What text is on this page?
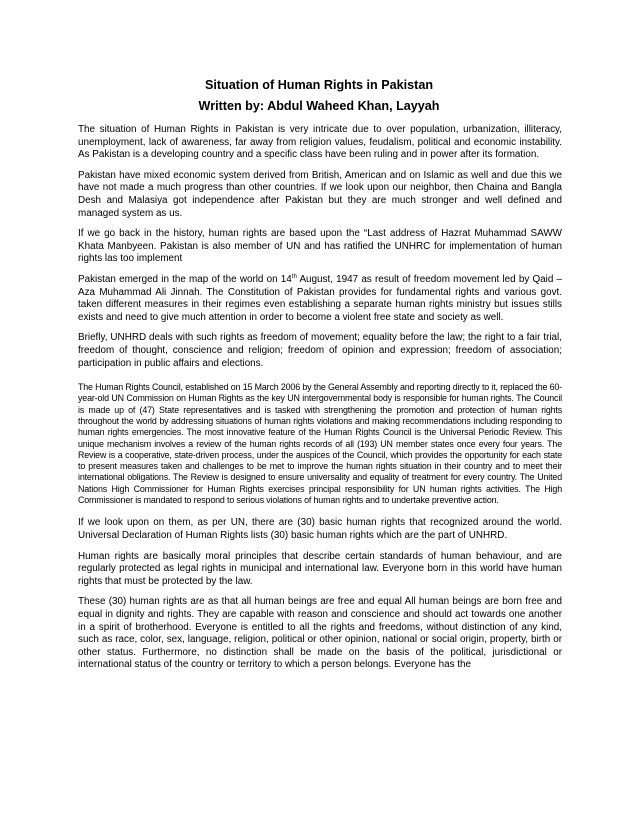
Situation of Human Rights in Pakistan
Written by: Abdul Waheed Khan, Layyah

The situation of Human Rights in Pakistan is very intricate due to over population, urbanization, illiteracy, unemployment, lack of awareness, far away from religion values, feudalism, political and economic instability. As Pakistan is a developing country and a specific class have been ruling and in power after its formation.

Pakistan have mixed economic system derived from British, American and on Islamic as well and due this we have not made a much progress than other countries. If we look upon our neighbor, then Chaina and Bangla Desh and Malasiya got independence after Pakistan but they are much stronger and well defined and managed system as us.

If we go back in the history, human rights are based upon the “Last address of Hazrat Muhammad SAWW Khata Manbyeen. Pakistan is also member of UN and has ratified the UNHRC for implementation of human rights las too implement

Pakistan emerged in the map of the world on 14th August, 1947 as result of freedom movement led by Qaid – Aza Muhammad Ali Jinnah. The Constitution of Pakistan provides for fundamental rights and various govt. taken different measures in their regimes even establishing a separate human rights ministry but issues stills exists and need to give much attention in order to become a violent free state and society as well.

Briefly, UNHRD deals with such rights as freedom of movement; equality before the law; the right to a fair trial, freedom of thought, conscience and religion; freedom of opinion and expression; freedom of association; participation in public affairs and elections.

The Human Rights Council, established on 15 March 2006 by the General Assembly and reporting directly to it, replaced the 60-year-old UN Commission on Human Rights as the key UN intergovernmental body is responsible for human rights. The Council is made up of (47) State representatives and is tasked with strengthening the promotion and protection of human rights throughout the world by addressing situations of human rights violations and making recommendations including responding to human rights emergencies. The most innovative feature of the Human Rights Council is the Universal Periodic Review. This unique mechanism involves a review of the human rights records of all (193) UN member states once every four years. The Review is a cooperative, state-driven process, under the auspices of the Council, which provides the opportunity for each state to present measures taken and challenges to be met to improve the human rights situation in their country and to meet their international obligations. The Review is designed to ensure universality and equality of treatment for every country. The United Nations High Commissioner for Human Rights exercises principal responsibility for UN human rights activities. The High Commissioner is mandated to respond to serious violations of human rights and to undertake preventive action.

If we look upon on them, as per UN, there are (30) basic human rights that recognized around the world. Universal Declaration of Human Rights lists (30) basic human rights which are the part of UNHRD.

Human rights are basically moral principles that describe certain standards of human behaviour, and are regularly protected as legal rights in municipal and international law. Everyone born in this world have human rights that must be protected by the law.

These (30) human rights are as that all human beings are free and equal All human beings are born free and equal in dignity and rights. They are capable with reason and conscience and should act towards one another in a spirit of brotherhood. Everyone is entitled to all the rights and freedoms, without distinction of any kind, such as race, color, sex, language, religion, political or other opinion, national or social origin, property, birth or other status. Furthermore, no distinction shall be made on the basis of the political, jurisdictional or international status of the country or territory to which a person belongs. Everyone has the
